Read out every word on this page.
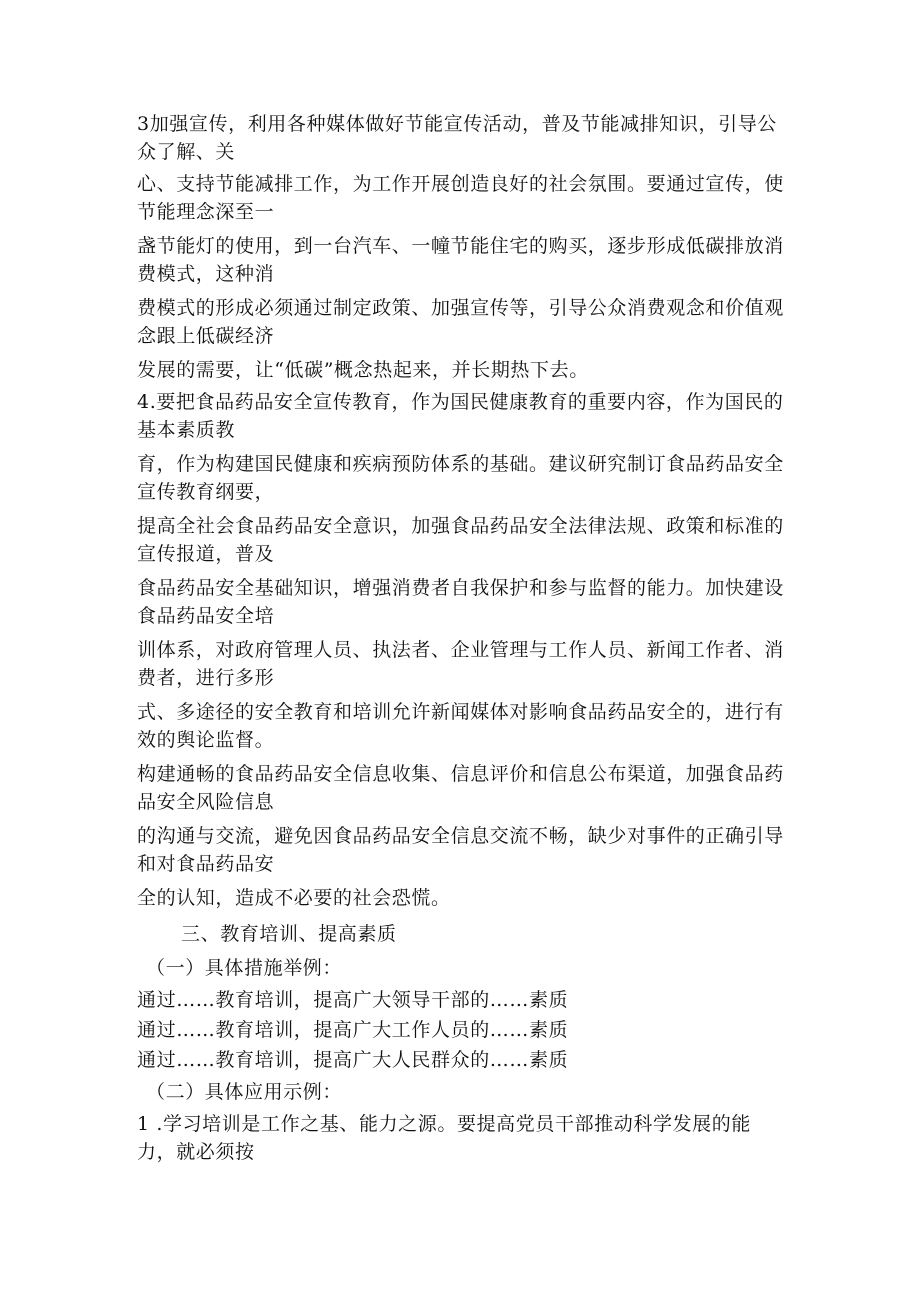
3加强宣传，利用各种媒体做好节能宣传活动，普及节能减排知识，引导公众了解、关
心、支持节能减排工作，为工作开展创造良好的社会氛围。要通过宣传，使节能理念深至一
盏节能灯的使用，到一台汽车、一幢节能住宅的购买，逐步形成低碳排放消费模式，这种消
费模式的形成必须通过制定政策、加强宣传等，引导公众消费观念和价值观念跟上低碳经济
发展的需要，让“低碳”概念热起来，并长期热下去。
4.要把食品药品安全宣传教育，作为国民健康教育的重要内容，作为国民的基本素质教
育，作为构建国民健康和疾病预防体系的基础。建议研究制订食品药品安全宣传教育纲要，
提高全社会食品药品安全意识，加强食品药品安全法律法规、政策和标准的宣传报道，普及
食品药品安全基础知识，增强消费者自我保护和参与监督的能力。加快建设食品药品安全培
训体系，对政府管理人员、执法者、企业管理与工作人员、新闻工作者、消费者，进行多形
式、多途径的安全教育和培训允许新闻媒体对影响食品药品安全的，进行有效的舆论监督。
构建通畅的食品药品安全信息收集、信息评价和信息公布渠道，加强食品药品安全风险信息
的沟通与交流，避免因食品药品安全信息交流不畅，缺少对事件的正确引导和对食品药品安
全的认知，造成不必要的社会恐慌。
三、教育培训、提高素质
（一）具体措施举例：
通过……教育培训，提高广大领导干部的……素质
通过……教育培训，提高广大工作人员的……素质
通过……教育培训，提高广大人民群众的……素质
（二）具体应用示例：
1 .学习培训是工作之基、能力之源。要提高党员干部推动科学发展的能力，就必须按
